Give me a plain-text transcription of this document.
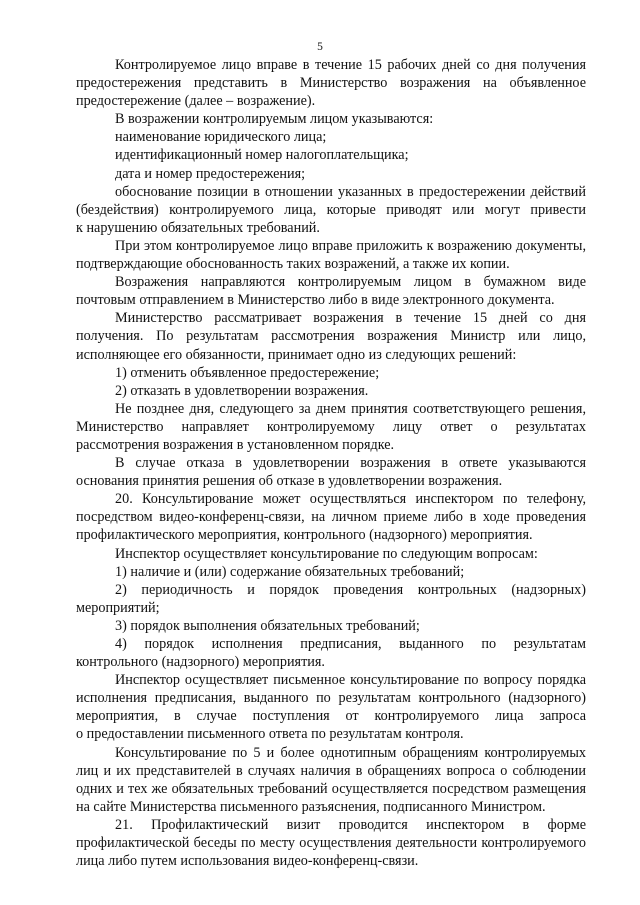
5
Контролируемое лицо вправе в течение 15 рабочих дней со дня получения
предостережения представить в Министерство возражения на объявленное
предостережение (далее – возражение).
В возражении контролируемым лицом указываются:
наименование юридического лица;
идентификационный номер налогоплательщика;
дата и номер предостережения;
обоснование позиции в отношении указанных в предостережении действий
(бездействия) контролируемого лица, которые приводят или могут привести
к нарушению обязательных требований.
При этом контролируемое лицо вправе приложить к возражению документы,
подтверждающие обоснованность таких возражений, а также их копии.
Возражения направляются контролируемым лицом в бумажном виде
почтовым отправлением в Министерство либо в виде электронного документа.
Министерство рассматривает возражения в течение 15 дней со дня
получения. По результатам рассмотрения возражения Министр или лицо,
исполняющее его обязанности, принимает одно из следующих решений:
1) отменить объявленное предостережение;
2) отказать в удовлетворении возражения.
Не позднее дня, следующего за днем принятия соответствующего решения,
Министерство направляет контролируемому лицу ответ о результатах
рассмотрения возражения в установленном порядке.
В случае отказа в удовлетворении возражения в ответе указываются
основания принятия решения об отказе в удовлетворении возражения.
20. Консультирование может осуществляться инспектором по телефону,
посредством видео-конференц-связи, на личном приеме либо в ходе проведения
профилактического мероприятия, контрольного (надзорного) мероприятия.
Инспектор осуществляет консультирование по следующим вопросам:
1) наличие и (или) содержание обязательных требований;
2) периодичность и порядок проведения контрольных (надзорных)
мероприятий;
3) порядок выполнения обязательных требований;
4) порядок исполнения предписания, выданного по результатам
контрольного (надзорного) мероприятия.
Инспектор осуществляет письменное консультирование по вопросу порядка
исполнения предписания, выданного по результатам контрольного (надзорного)
мероприятия, в случае поступления от контролируемого лица запроса
о предоставлении письменного ответа по результатам контроля.
Консультирование по 5 и более однотипным обращениям контролируемых
лиц и их представителей в случаях наличия в обращениях вопроса о соблюдении
одних и тех же обязательных требований осуществляется посредством размещения
на сайте Министерства письменного разъяснения, подписанного Министром.
21. Профилактический визит проводится инспектором в форме
профилактической беседы по месту осуществления деятельности контролируемого
лица либо путем использования видео-конференц-связи.
